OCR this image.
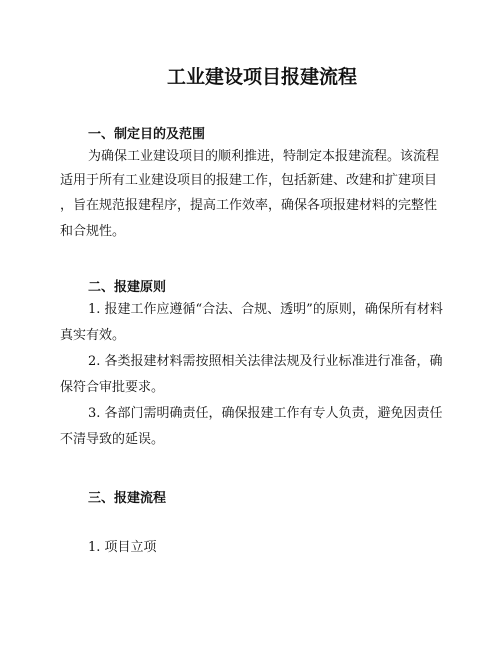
工业建设项目报建流程
一、制定目的及范围
为确保工业建设项目的顺利推进，特制定本报建流程。该流程
适用于所有工业建设项目的报建工作，包括新建、改建和扩建项目
，旨在规范报建程序，提高工作效率，确保各项报建材料的完整性
和合规性。
二、报建原则
1. 报建工作应遵循“合法、合规、透明”的原则，确保所有材料
真实有效。
2. 各类报建材料需按照相关法律法规及行业标准进行准备，确
保符合审批要求。
3. 各部门需明确责任，确保报建工作有专人负责，避免因责任
不清导致的延误。
三、报建流程
1. 项目立项
